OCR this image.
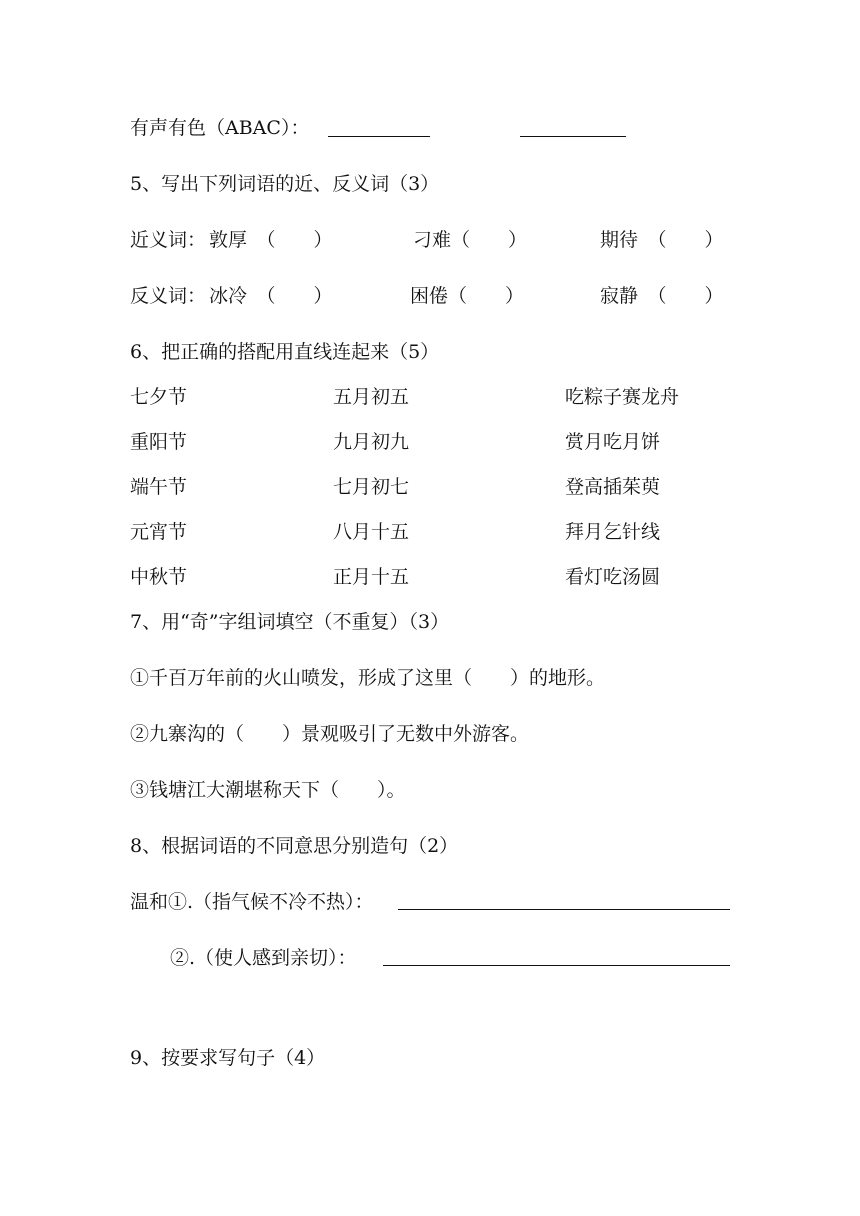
有声有色（ABAC）：
5、写出下列词语的近、反义词（3）
近义词： 敦厚　（　　）	刁难（　　）	期待　（　　）
反义词： 冰冷　（　　）	困倦（　　）	寂静　（　　）
6、把正确的搭配用直线连起来（5）
七夕节	五月初五	吃粽子赛龙舟
重阳节	九月初九	赏月吃月饼
端午节	七月初七	登高插茱萸
元宵节	八月十五	拜月乞针线
中秋节	正月十五	看灯吃汤圆
7、用“奇”字组词填空（不重复）（3）
①千百万年前的火山喷发，形成了这里（　　）的地形。
②九寨沟的（　　）景观吸引了无数中外游客。
③钱塘江大潮堪称天下（　　）。
8、根据词语的不同意思分别造句（2）
温和①.（指气候不冷不热）：
②.（使人感到亲切）：
9、按要求写句子（4）
